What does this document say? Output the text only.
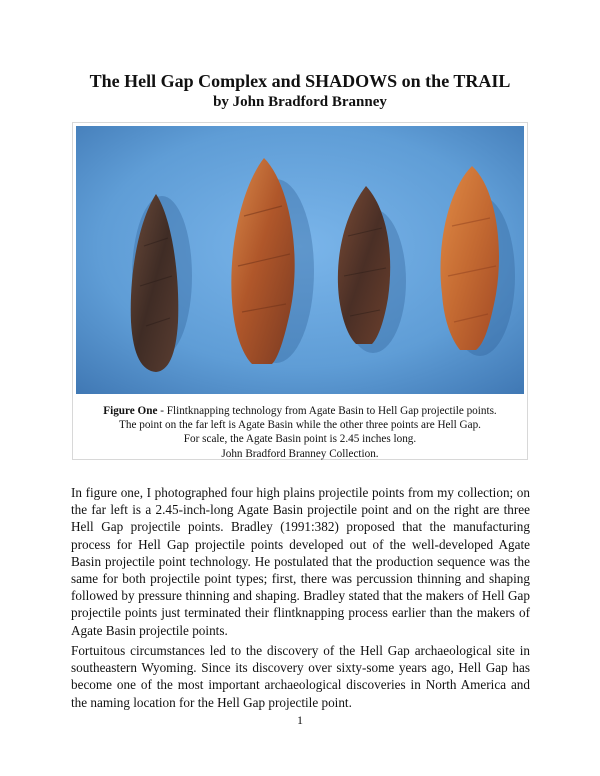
The Hell Gap Complex and SHADOWS on the TRAIL
by John Bradford Branney
Figure One - Flintknapping technology from Agate Basin to Hell Gap projectile points.
The point on the far left is Agate Basin while the other three points are Hell Gap.
For scale, the Agate Basin point is 2.45 inches long.
John Bradford Branney Collection.

In figure one, I photographed four high plains projectile points from my collection; on the far left is a 2.45-inch-long Agate Basin projectile point and on the right are three Hell Gap projectile points. Bradley (1991:382) proposed that the manufacturing process for Hell Gap projectile points developed out of the well-developed Agate Basin projectile point technology. He postulated that the production sequence was the same for both projectile point types; first, there was percussion thinning and shaping followed by pressure thinning and shaping. Bradley stated that the makers of Hell Gap projectile points just terminated their flintknapping process earlier than the makers of Agate Basin projectile points.

Fortuitous circumstances led to the discovery of the Hell Gap archaeological site in southeastern Wyoming. Since its discovery over sixty-some years ago, Hell Gap has become one of the most important archaeological discoveries in North America and the naming location for the Hell Gap projectile point.

1
